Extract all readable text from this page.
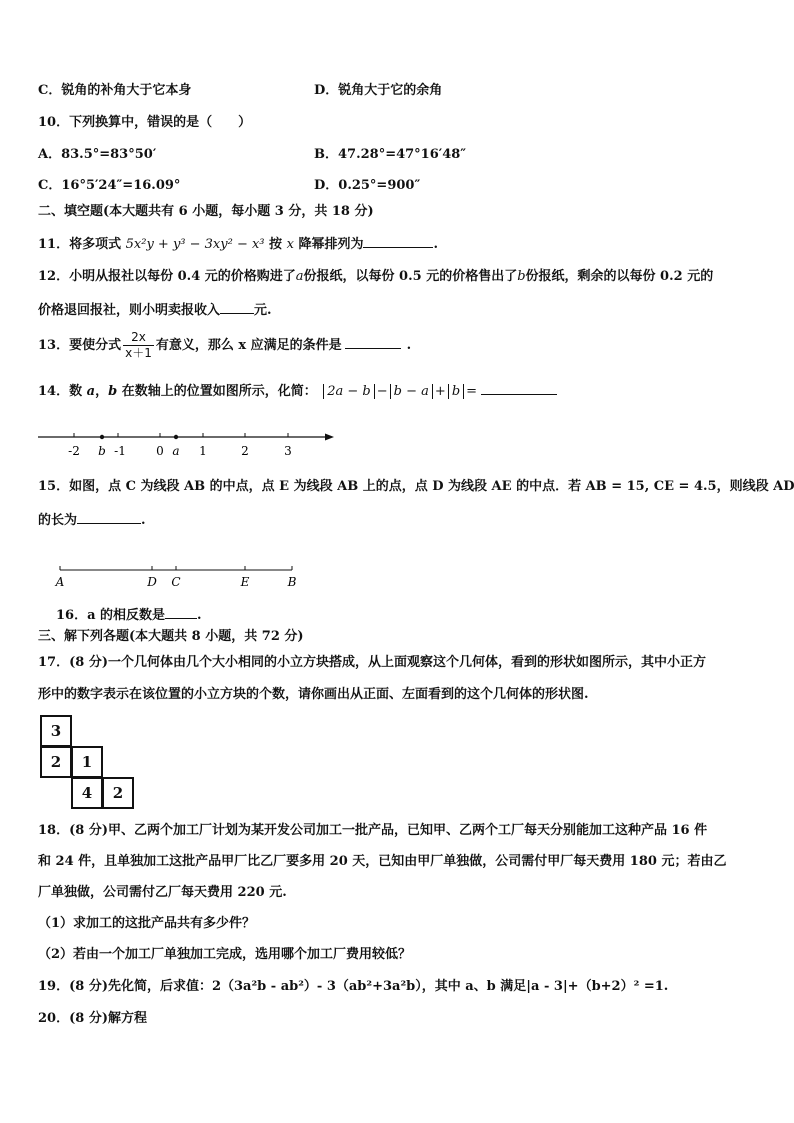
C．锐角的补角大于它本身	D．锐角大于它的余角
10．下列换算中，错误的是（　　）
A．83.5°=83°50′	B．47.28°=47°16′48″
C．16°5′24″=16.09°	D．0.25°=900″
二、填空题(本大题共有 6 小题，每小题 3 分，共 18 分)
11．将多项式 5x²y + y³ − 3xy² − x³ 按 x 降幂排列为	.
12．小明从报社以每份 0.4 元的价格购进了a份报纸，以每份 0.5 元的价格售出了b份报纸，剩余的以每份 0.2 元的
价格退回报社，则小明卖报收入	元.
13．要使分式 $\frac{2x}{x+1}$ 有意义，那么 x 应满足的条件是	.
14．数 a，b 在数轴上的位置如图所示，化简： 2a − b − b − a + b =
-2 b -1	0 a 1	2	3
15．如图，点 C 为线段 AB 的中点，点 E 为线段 AB 上的点，点 D 为线段 AE 的中点．若 AB = 15, CE = 4.5，则线段 AD
的长为	.
A	D C	E	B
16．a 的相反数是 .
三、解下列各题(本大题共 8 小题，共 72 分)
17．(8 分)一个几何体由几个大小相同的小立方块搭成，从上面观察这个几何体，看到的形状如图所示，其中小正方
形中的数字表示在该位置的小立方块的个数，请你画出从正面、左面看到的这个几何体的形状图.
3
2	1
4	2
18．(8 分)甲、乙两个加工厂计划为某开发公司加工一批产品，已知甲、乙两个工厂每天分别能加工这种产品 16 件
和 24 件，且单独加工这批产品甲厂比乙厂要多用 20 天，已知由甲厂单独做，公司需付甲厂每天费用 180 元；若由乙
厂单独做，公司需付乙厂每天费用 220 元.
（1）求加工的这批产品共有多少件？
（2）若由一个加工厂单独加工完成，选用哪个加工厂费用较低？
19．(8 分)先化简，后求值：2（3a²b - ab²）- 3（ab²+3a²b），其中 a、b 满足|a - 3|+（b+2）² =1.
20．(8 分)解方程
